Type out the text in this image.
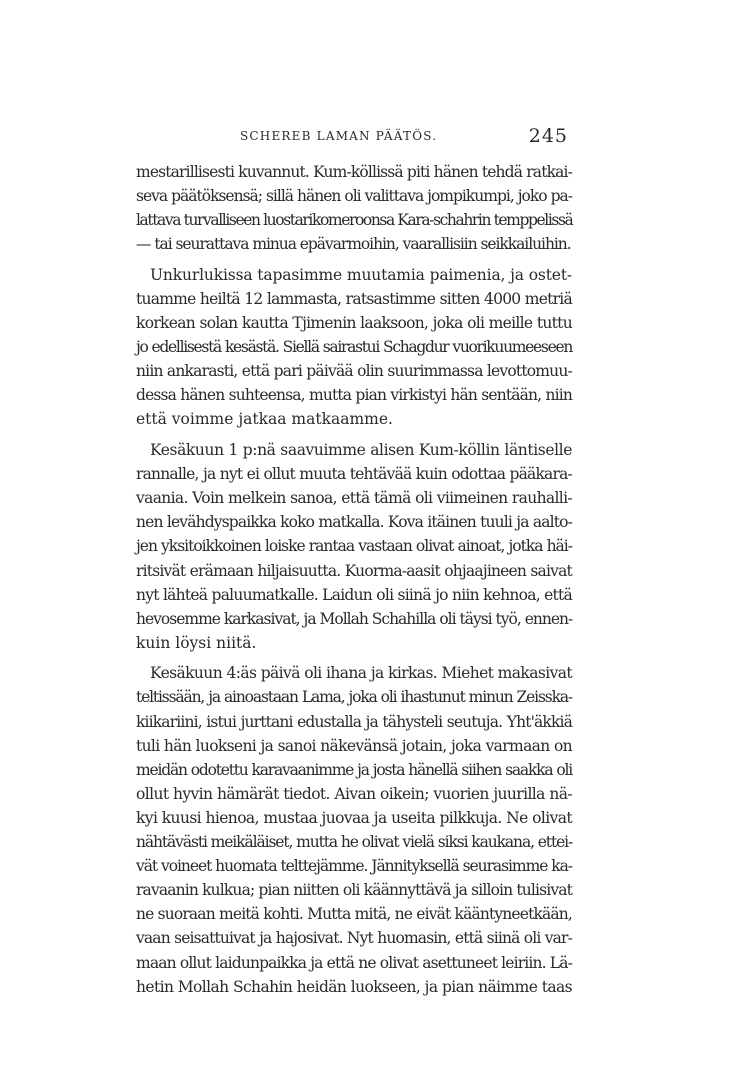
SCHEREB LAMAN PÄÄTÖS.	245
mestarillisesti kuvannut. Kum-köllissä piti hänen tehdä ratkai-
seva päätöksensä; sillä hänen oli valittava jompikumpi, joko pa-
lattava turvalliseen luostarikomeroonsa Kara-schahrin temppelissä
— tai seurattava minua epävarmoihin, vaarallisiin seikkailuihin.
Unkurlukissa tapasimme muutamia paimenia, ja ostet-
tuamme heiltä 12 lammasta, ratsastimme sitten 4000 metriä
korkean solan kautta Tjimenin laaksoon, joka oli meille tuttu
jo edellisestä kesästä. Siellä sairastui Schagdur vuorikuumeeseen
niin ankarasti, että pari päivää olin suurimmassa levottomuu-
dessa hänen suhteensa, mutta pian virkistyi hän sentään, niin
että voimme jatkaa matkaamme.
Kesäkuun 1 p:nä saavuimme alisen Kum-köllin läntiselle
rannalle, ja nyt ei ollut muuta tehtävää kuin odottaa pääkara-
vaania. Voin melkein sanoa, että tämä oli viimeinen rauhalli-
nen levähdyspaikka koko matkalla. Kova itäinen tuuli ja aalto-
jen yksitoikkoinen loiske rantaa vastaan olivat ainoat, jotka häi-
ritsivät erämaan hiljaisuutta. Kuorma-aasit ohjaajineen saivat
nyt lähteä paluumatkalle. Laidun oli siinä jo niin kehnoa, että
hevosemme karkasivat, ja Mollah Schahilla oli täysi työ, ennen-
kuin löysi niitä.
Kesäkuun 4:äs päivä oli ihana ja kirkas. Miehet makasivat
teltissään, ja ainoastaan Lama, joka oli ihastunut minun Zeisska-
kiikariini, istui jurttani edustalla ja tähysteli seutuja. Yht'äkkiä
tuli hän luokseni ja sanoi näkevänsä jotain, joka varmaan on
meidän odotettu karavaanimme ja josta hänellä siihen saakka oli
ollut hyvin hämärät tiedot. Aivan oikein; vuorien juurilla nä-
kyi kuusi hienoa, mustaa juovaa ja useita pilkkuja. Ne olivat
nähtävästi meikäläiset, mutta he olivat vielä siksi kaukana, ettei-
vät voineet huomata telttejämme. Jännityksellä seurasimme ka-
ravaanin kulkua; pian niitten oli käännyttävä ja silloin tulisivat
ne suoraan meitä kohti. Mutta mitä, ne eivät kääntyneetkään,
vaan seisattuivat ja hajosivat. Nyt huomasin, että siinä oli var-
maan ollut laidunpaikka ja että ne olivat asettuneet leiriin. Lä-
hetin Mollah Schahin heidän luokseen, ja pian näimme taas
